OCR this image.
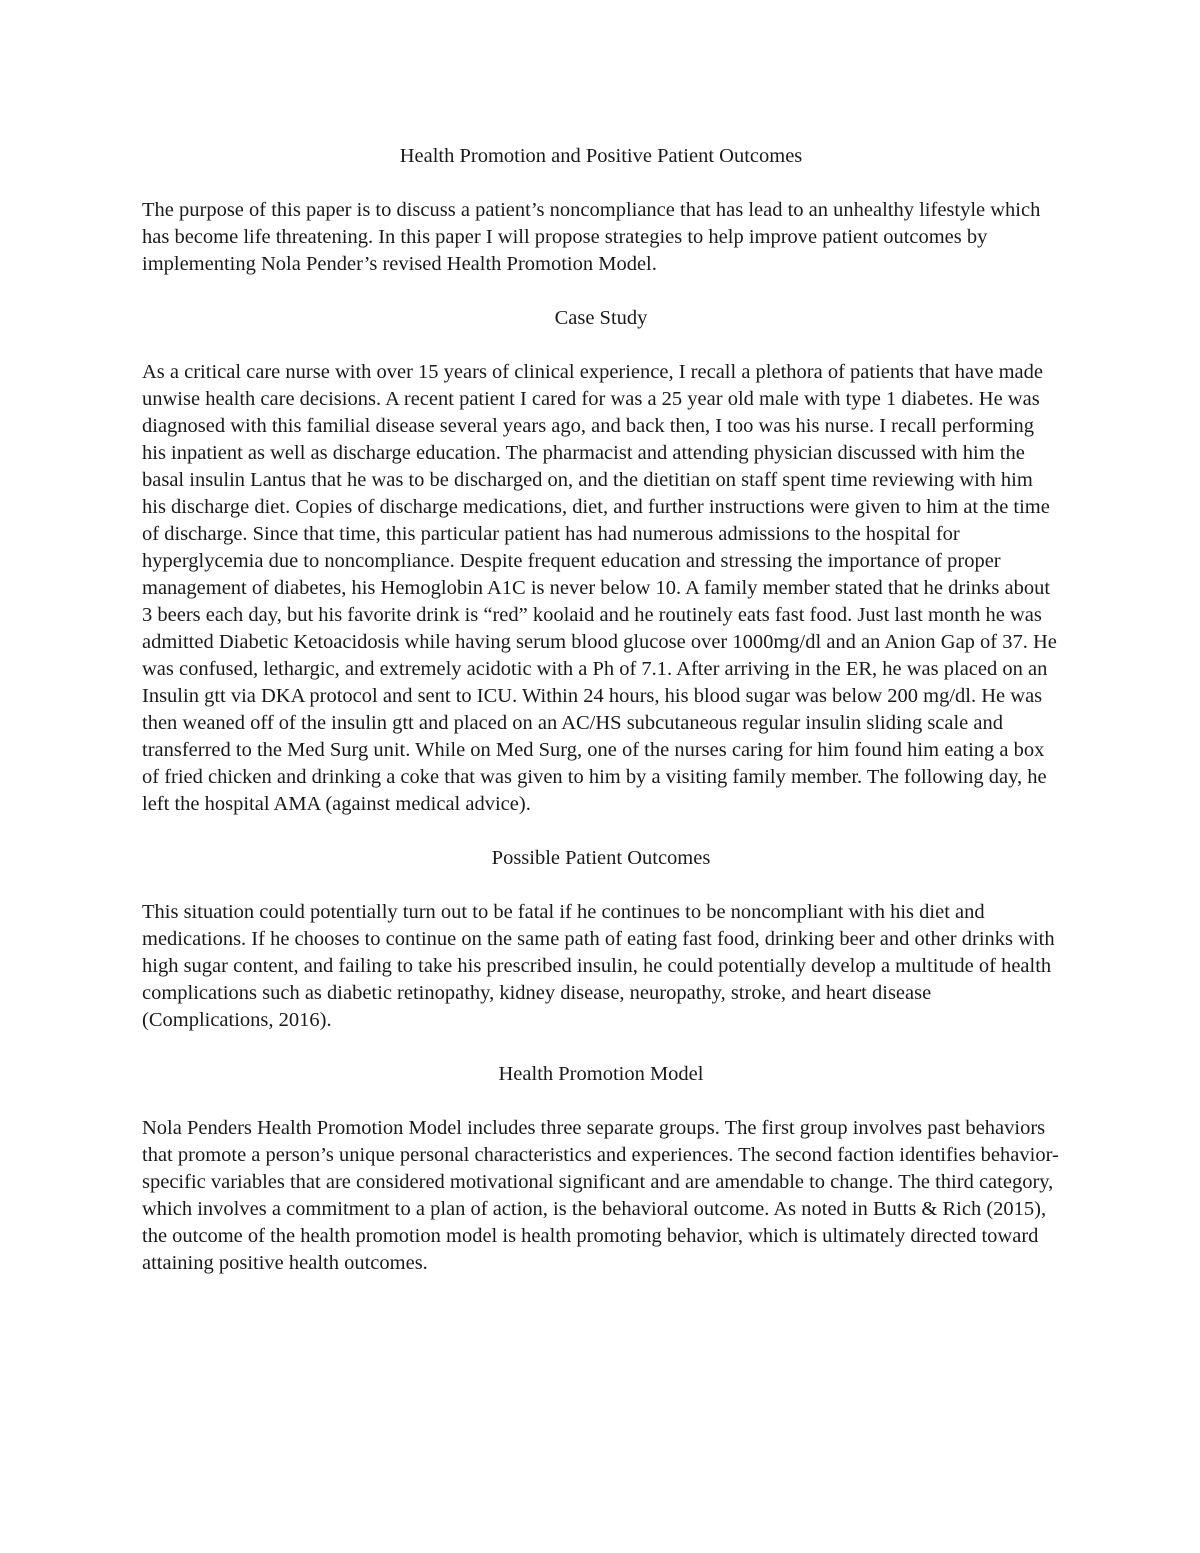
Health Promotion and Positive Patient Outcomes

The purpose of this paper is to discuss a patient’s noncompliance that has lead to an unhealthy lifestyle which has become life threatening. In this paper I will propose strategies to help improve patient outcomes by implementing Nola Pender’s revised Health Promotion Model.

Case Study

As a critical care nurse with over 15 years of clinical experience, I recall a plethora of patients that have made unwise health care decisions. A recent patient I cared for was a 25 year old male with type 1 diabetes. He was diagnosed with this familial disease several years ago, and back then, I too was his nurse. I recall performing his inpatient as well as discharge education. The pharmacist and attending physician discussed with him the basal insulin Lantus that he was to be discharged on, and the dietitian on staff spent time reviewing with him his discharge diet. Copies of discharge medications, diet, and further instructions were given to him at the time of discharge. Since that time, this particular patient has had numerous admissions to the hospital for hyperglycemia due to noncompliance. Despite frequent education and stressing the importance of proper management of diabetes, his Hemoglobin A1C is never below 10. A family member stated that he drinks about 3 beers each day, but his favorite drink is “red” koolaid and he routinely eats fast food. Just last month he was admitted Diabetic Ketoacidosis while having serum blood glucose over 1000mg/dl and an Anion Gap of 37. He was confused, lethargic, and extremely acidotic with a Ph of 7.1. After arriving in the ER, he was placed on an Insulin gtt via DKA protocol and sent to ICU. Within 24 hours, his blood sugar was below 200 mg/dl. He was then weaned off of the insulin gtt and placed on an AC/HS subcutaneous regular insulin sliding scale and transferred to the Med Surg unit. While on Med Surg, one of the nurses caring for him found him eating a box of fried chicken and drinking a coke that was given to him by a visiting family member. The following day, he left the hospital AMA (against medical advice).

Possible Patient Outcomes

This situation could potentially turn out to be fatal if he continues to be noncompliant with his diet and medications. If he chooses to continue on the same path of eating fast food, drinking beer and other drinks with high sugar content, and failing to take his prescribed insulin, he could potentially develop a multitude of health complications such as diabetic retinopathy, kidney disease, neuropathy, stroke, and heart disease (Complications, 2016).

Health Promotion Model

Nola Penders Health Promotion Model includes three separate groups. The first group involves past behaviors that promote a person’s unique personal characteristics and experiences. The second faction identifies behavior-specific variables that are considered motivational significant and are amendable to change. The third category, which involves a commitment to a plan of action, is the behavioral outcome. As noted in Butts & Rich (2015), the outcome of the health promotion model is health promoting behavior, which is ultimately directed toward attaining positive health outcomes.
